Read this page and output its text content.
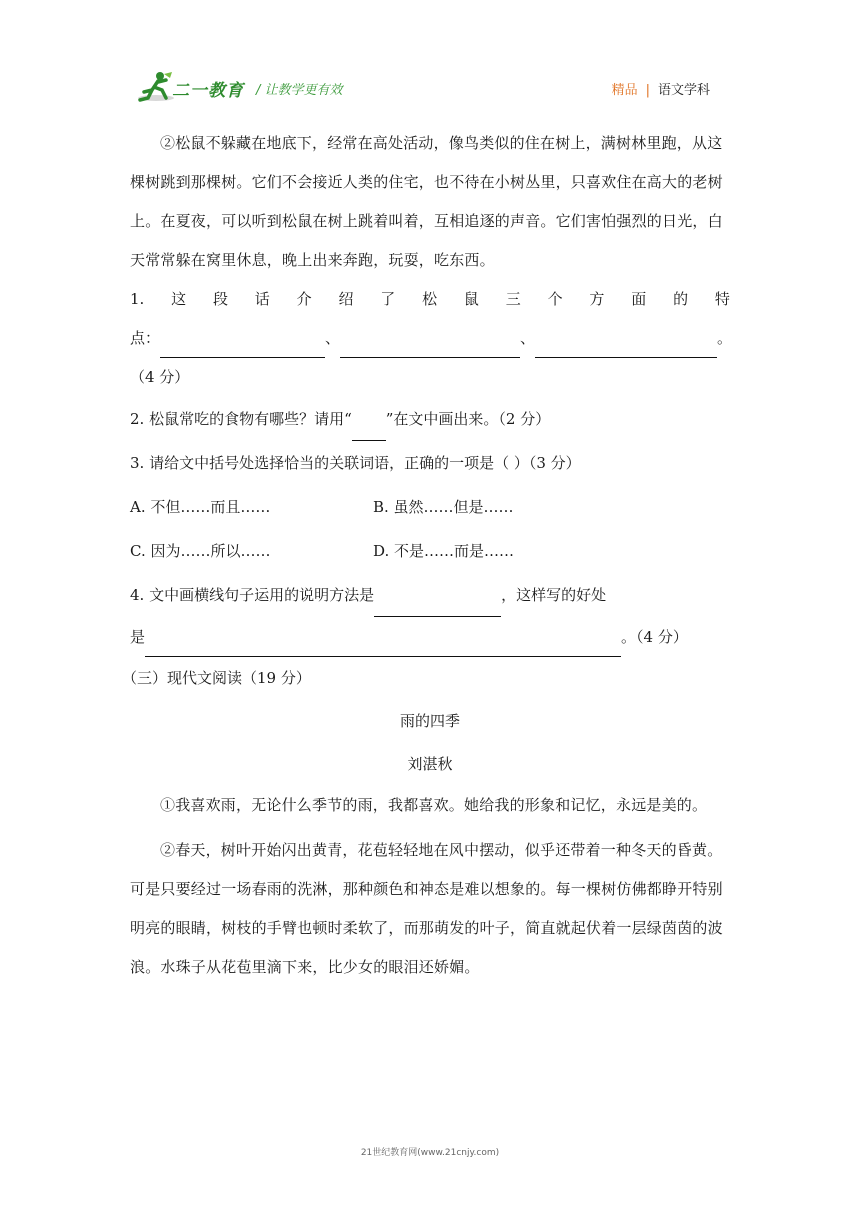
二一教育 / 让教学更有效	精品 | 语文学科

②松鼠不躲藏在地底下，经常在高处活动，像鸟类似的住在树上，满树林里跑，从这棵树跳到那棵树。它们不会接近人类的住宅，也不待在小树丛里，只喜欢住在高大的老树上。在夏夜，可以听到松鼠在树上跳着叫着，互相追逐的声音。它们害怕强烈的日光，白天常常躲在窝里休息，晚上出来奔跑，玩耍，吃东西。

1. 这 段 话 介 绍 了 松 鼠 三 个 方 面 的 特
点：	、	、	。
（4 分）
2. 松鼠常吃的食物有哪些？请用“ ”在文中画出来。（2 分）
3. 请给文中括号处选择恰当的关联词语，正确的一项是（ ）（3 分）
A. 不但……而且……	B. 虽然……但是……
C. 因为……所以……	D. 不是……而是……
4. 文中画横线句子运用的说明方法是	，这样写的好处
是	。（4 分）
（三）现代文阅读（19 分）
雨的四季
刘湛秋

①我喜欢雨，无论什么季节的雨，我都喜欢。她给我的形象和记忆，永远是美的。

②春天，树叶开始闪出黄青，花苞轻轻地在风中摆动，似乎还带着一种冬天的昏黄。可是只要经过一场春雨的洗淋，那种颜色和神态是难以想象的。每一棵树仿佛都睁开特别明亮的眼睛，树枝的手臂也顿时柔软了，而那萌发的叶子，简直就起伏着一层绿茵茵的波浪。水珠子从花苞里滴下来，比少女的眼泪还娇媚。

21世纪教育网(www.21cnjy.com)
